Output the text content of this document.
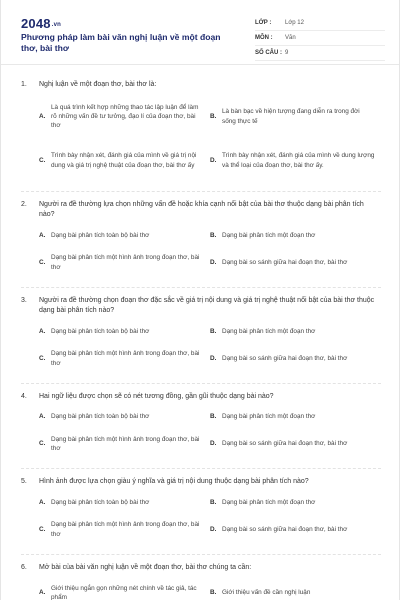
2048.vn
Phương pháp làm bài văn nghị luận về một đoạn thơ, bài thơ
LỚP :	Lớp 12
MÔN :	Văn
SỐ CÂU : 9
1.	Nghị luận về một đoạn thơ, bài thơ là:
A.
Là quá trình kết hợp những thao tác lập luận để làm rõ những vấn đề tư tưởng, đạo lí của đoạn thơ, bài thơ
B.
Là bàn bạc về hiện tượng đang diễn ra trong đời sống thực tế
C.
Trình bày nhận xét, đánh giá của mình về giá trị nội dung và giá trị nghệ thuật của đoạn thơ, bài thơ ấy
D.
Trình bày nhận xét, đánh giá của mình về dung lượng và thể loại của đoạn thơ, bài thơ ấy.
2.	Người ra đề thường lựa chọn những vấn đề hoặc khía cạnh nổi bật của bài thơ thuộc dạng bài phân tích nào?
A. Dạng bài phân tích toàn bộ bài thơ	B. Dạng bài phân tích một đoạn thơ
C.
Dạng bài phân tích một hình ảnh trong đoạn thơ, bài thơ
D. Dạng bài so sánh giữa hai đoạn thơ, bài thơ
3.	Người ra đề thường chọn đoạn thơ đặc sắc về giá trị nội dung và giá trị nghệ thuật nổi bật của bài thơ thuộc dạng bài phân tích nào?
A. Dạng bài phân tích toàn bộ bài thơ	B. Dạng bài phân tích một đoạn thơ
C.
Dạng bài phân tích một hình ảnh trong đoạn thơ, bài thơ
D. Dạng bài so sánh giữa hai đoạn thơ, bài thơ
4.	Hai ngữ liệu được chọn sẽ có nét tương đồng, gần gũi thuộc dạng bài nào?
A. Dạng bài phân tích toàn bộ bài thơ	B. Dạng bài phân tích một đoạn thơ
C.
Dạng bài phân tích một hình ảnh trong đoạn thơ, bài thơ
D. Dạng bài so sánh giữa hai đoạn thơ, bài thơ
5.	Hình ảnh được lựa chọn giàu ý nghĩa và giá trị nội dung thuộc dạng bài phân tích nào?
A. Dạng bài phân tích toàn bộ bài thơ	B. Dạng bài phân tích một đoạn thơ
C.
Dạng bài phân tích một hình ảnh trong đoạn thơ, bài thơ
D. Dạng bài so sánh giữa hai đoạn thơ, bài thơ
6.	Mở bài của bài văn nghị luận về một đoạn thơ, bài thơ chúng ta cần:
A.
Giới thiệu ngắn gọn những nét chính về tác giả, tác phẩm
B. Giới thiệu vấn đề cần nghị luận
